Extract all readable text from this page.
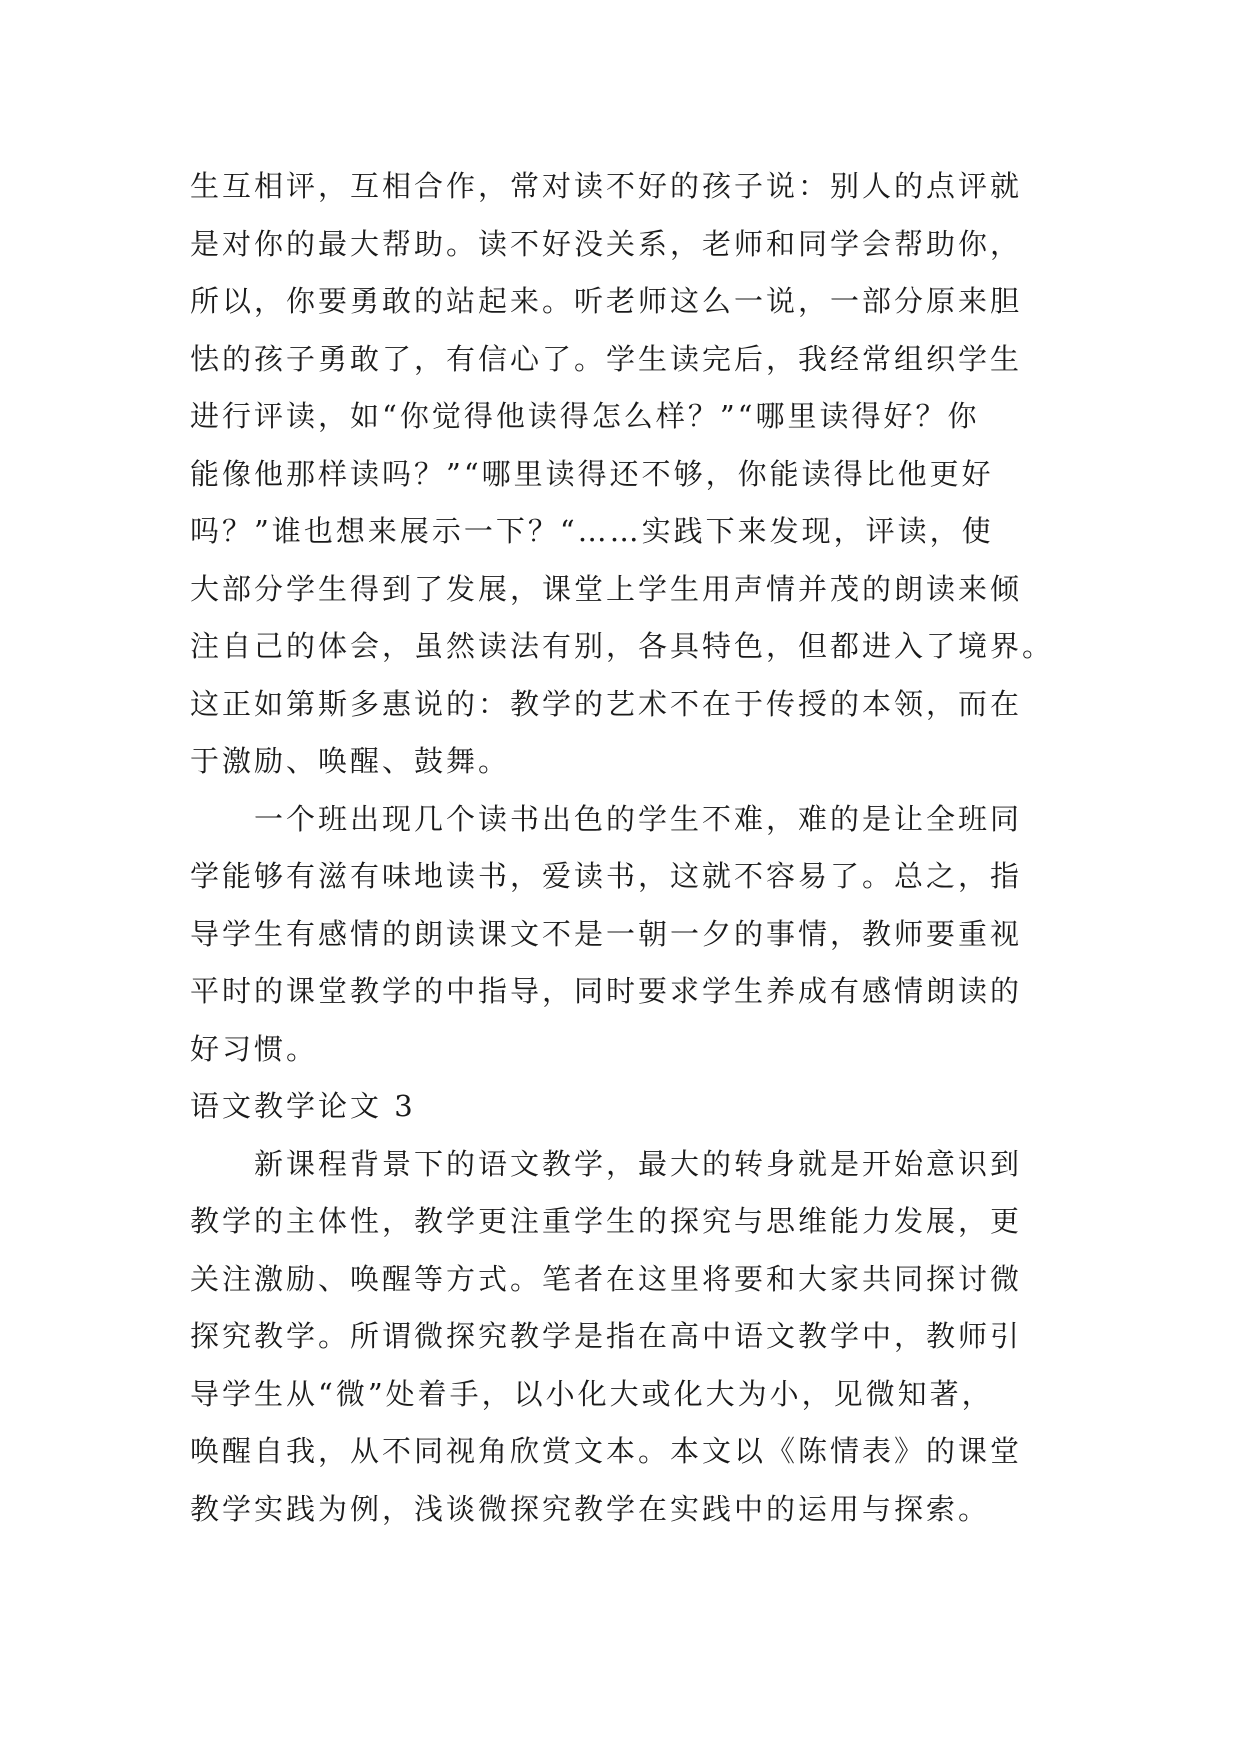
生互相评，互相合作，常对读不好的孩子说：别人的点评就
是对你的最大帮助。读不好没关系，老师和同学会帮助你，
所以，你要勇敢的站起来。听老师这么一说，一部分原来胆
怯的孩子勇敢了，有信心了。学生读完后，我经常组织学生
进行评读，如“你觉得他读得怎么样？”“哪里读得好？你
能像他那样读吗？”“哪里读得还不够，你能读得比他更好
吗？”谁也想来展示一下？“……实践下来发现，评读，使
大部分学生得到了发展，课堂上学生用声情并茂的朗读来倾
注自己的体会，虽然读法有别，各具特色，但都进入了境界。
这正如第斯多惠说的：教学的艺术不在于传授的本领，而在
于激励、唤醒、鼓舞。
一个班出现几个读书出色的学生不难，难的是让全班同
学能够有滋有味地读书，爱读书，这就不容易了。总之，指
导学生有感情的朗读课文不是一朝一夕的事情，教师要重视
平时的课堂教学的中指导，同时要求学生养成有感情朗读的
好习惯。
语文教学论文 3
新课程背景下的语文教学，最大的转身就是开始意识到
教学的主体性，教学更注重学生的探究与思维能力发展，更
关注激励、唤醒等方式。笔者在这里将要和大家共同探讨微
探究教学。所谓微探究教学是指在高中语文教学中，教师引
导学生从“微”处着手，以小化大或化大为小，见微知著，
唤醒自我，从不同视角欣赏文本。本文以《陈情表》的课堂
教学实践为例，浅谈微探究教学在实践中的运用与探索。
